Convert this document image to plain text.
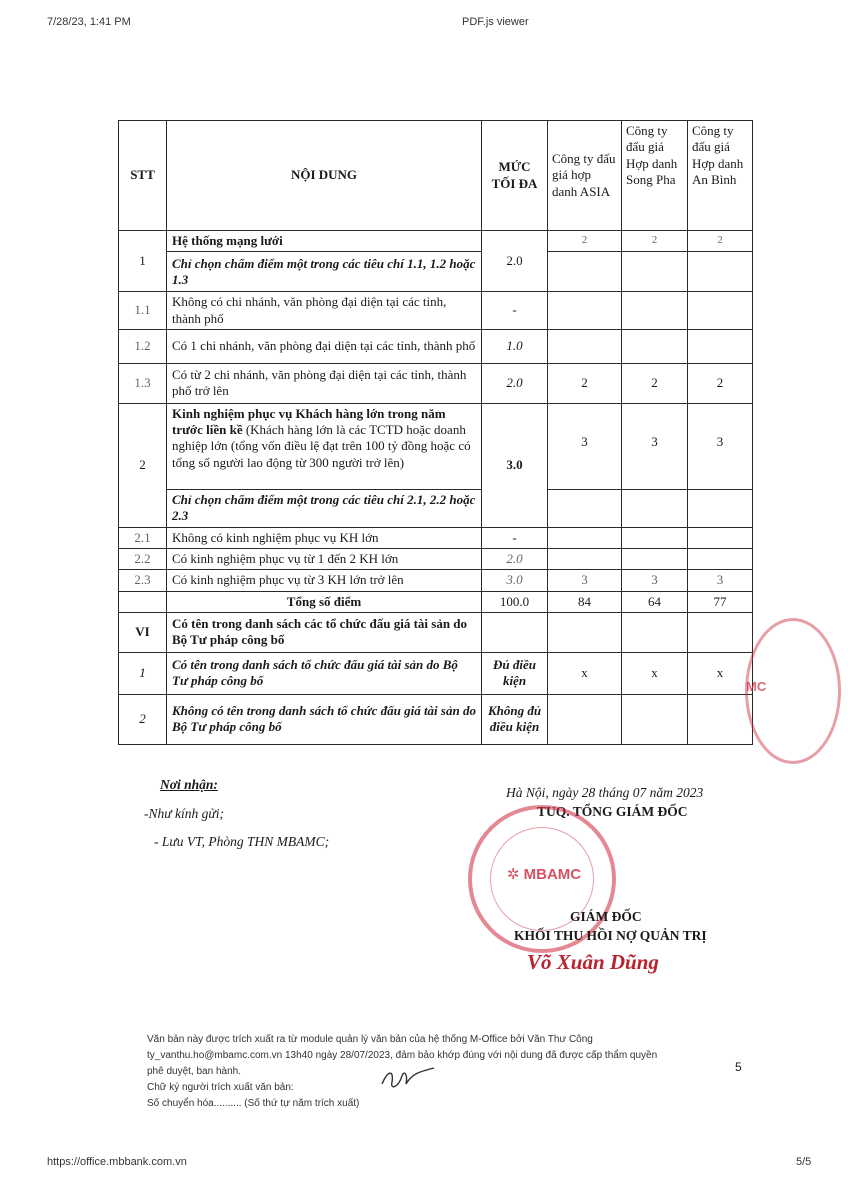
7/28/23, 1:41 PM	PDF.js viewer
STT	NỘI DUNG	MỨC TỐI ĐA	Công ty đấu giá hợp danh ASIA	Công ty đấu giá Hợp danh Song Pha	Công ty đấu giá Hợp danh An Bình
1	Hệ thống mạng lưới	2.0	2	2	2
	Chỉ chọn chấm điểm một trong các tiêu chí 1.1, 1.2 hoặc 1.3				
1.1	Không có chi nhánh, văn phòng đại diện tại các tỉnh, thành phố	-			
1.2	Có 1 chi nhánh, văn phòng đại diện tại các tỉnh, thành phố	1.0			
1.3	Có từ 2 chi nhánh, văn phòng đại diện tại các tỉnh, thành phố trở lên	2.0	2	2	2
2	Kinh nghiệm phục vụ Khách hàng lớn trong năm trước liền kề (Khách hàng lớn là các TCTD hoặc doanh nghiệp lớn (tổng vốn điều lệ đạt trên 100 tỷ đồng hoặc có tổng số người lao động từ 300 người trở lên)	3.0	3	3	3
	Chỉ chọn chấm điểm một trong các tiêu chí 2.1, 2.2 hoặc 2.3				
2.1	Không có kinh nghiệm phục vụ KH lớn	-			
2.2	Có kinh nghiệm phục vụ từ 1 đến 2 KH lớn	2.0			
2.3	Có kinh nghiệm phục vụ từ 3 KH lớn trở lên	3.0	3	3	3
	Tổng số điểm	100.0	84	64	77
VI	Có tên trong danh sách các tổ chức đấu giá tài sản do Bộ Tư pháp công bố				
1	Có tên trong danh sách tổ chức đấu giá tài sản do Bộ Tư pháp công bố	Đủ điều kiện	x	x	x
2	Không có tên trong danh sách tổ chức đấu giá tài sản do Bộ Tư pháp công bố	Không đủ điều kiện			
MC
Nơi nhận:
-Như kính gửi;
- Lưu VT, Phòng THN MBAMC;
Hà Nội, ngày 28 tháng 07 năm 2023
TUQ. TỔNG GIÁM ĐỐC
✲ MBAMC
GIÁM ĐỐC
KHỐI THU HỒI NỢ QUẢN TRỊ
Võ Xuân Dũng
Văn bản này được trích xuất ra từ module quản lý văn bản của hệ thống M-Office bởi Văn Thư Công
ty_vanthu.ho@mbamc.com.vn 13h40 ngày 28/07/2023, đảm bảo khớp đúng với nội dung đã được cấp thẩm quyền
phê duyệt, ban hành.
Chữ ký người trích xuất văn bản:
Số chuyển hóa.......... (Số thứ tự năm trích xuất)
5
https://office.mbbank.com.vn	5/5
